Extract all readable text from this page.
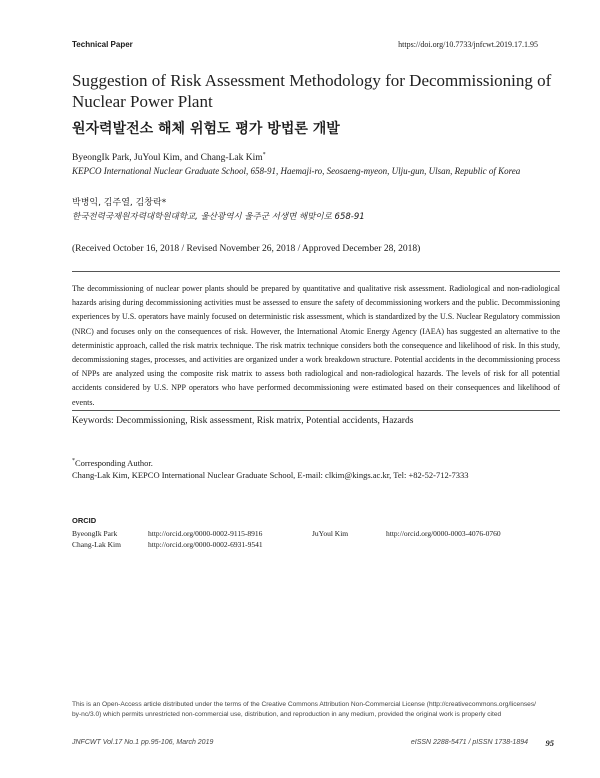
Technical Paper	https://doi.org/10.7733/jnfcwt.2019.17.1.95
Suggestion of Risk Assessment Methodology for Decommissioning of
Nuclear Power Plant
원자력발전소 해체 위험도 평가 방법론 개발
ByeongIk Park, JuYoul Kim, and Chang-Lak Kim*
KEPCO International Nuclear Graduate School, 658-91, Haemaji-ro, Seosaeng-myeon, Ulju-gun, Ulsan, Republic of Korea
박병익, 김주열, 김창락*
한국전력국제원자력대학원대학교, 울산광역시 울주군 서생면 해맞이로 658-91
(Received October 16, 2018 / Revised November 26, 2018 / Approved December 28, 2018)
The decommissioning of nuclear power plants should be prepared by quantitative and qualitative risk assessment. Radiological and non-radiological hazards arising during decommissioning activities must be assessed to ensure the safety of decommissioning workers and the public. Decommissioning experiences by U.S. operators have mainly focused on deterministic risk assessment, which is standardized by the U.S. Nuclear Regulatory commission (NRC) and focuses only on the consequences of risk. However, the International Atomic Energy Agency (IAEA) has suggested an alternative to the deterministic approach, called the risk matrix technique. The risk matrix technique considers both the consequence and likelihood of risk. In this study, decommissioning stages, processes, and activities are organized under a work breakdown structure. Potential accidents in the decommissioning process of NPPs are analyzed using the composite risk matrix to assess both radiological and non-radiological hazards. The levels of risk for all potential accidents considered by U.S. NPP operators who have performed decommissioning were estimated based on their consequences and likelihood of events.
Keywords: Decommissioning, Risk assessment, Risk matrix, Potential accidents, Hazards
*Corresponding Author.
Chang-Lak Kim, KEPCO International Nuclear Graduate School, E-mail: clkim@kings.ac.kr, Tel: +82-52-712-7333
ORCID
ByeongIk Park	http://orcid.org/0000-0002-9115-8916	JuYoul Kim	http://orcid.org/0000-0003-4076-0760
Chang-Lak Kim	http://orcid.org/0000-0002-6931-9541
This is an Open-Access article distributed under the terms of the Creative Commons Attribution Non-Commercial License (http://creativecommons.org/licenses/
by-nc/3.0) which permits unrestricted non-commercial use, distribution, and reproduction in any medium, provided the original work is properly cited
JNFCWT Vol.17 No.1 pp.95-106, March 2019	eISSN 2288-5471 / pISSN 1738-1894 95
